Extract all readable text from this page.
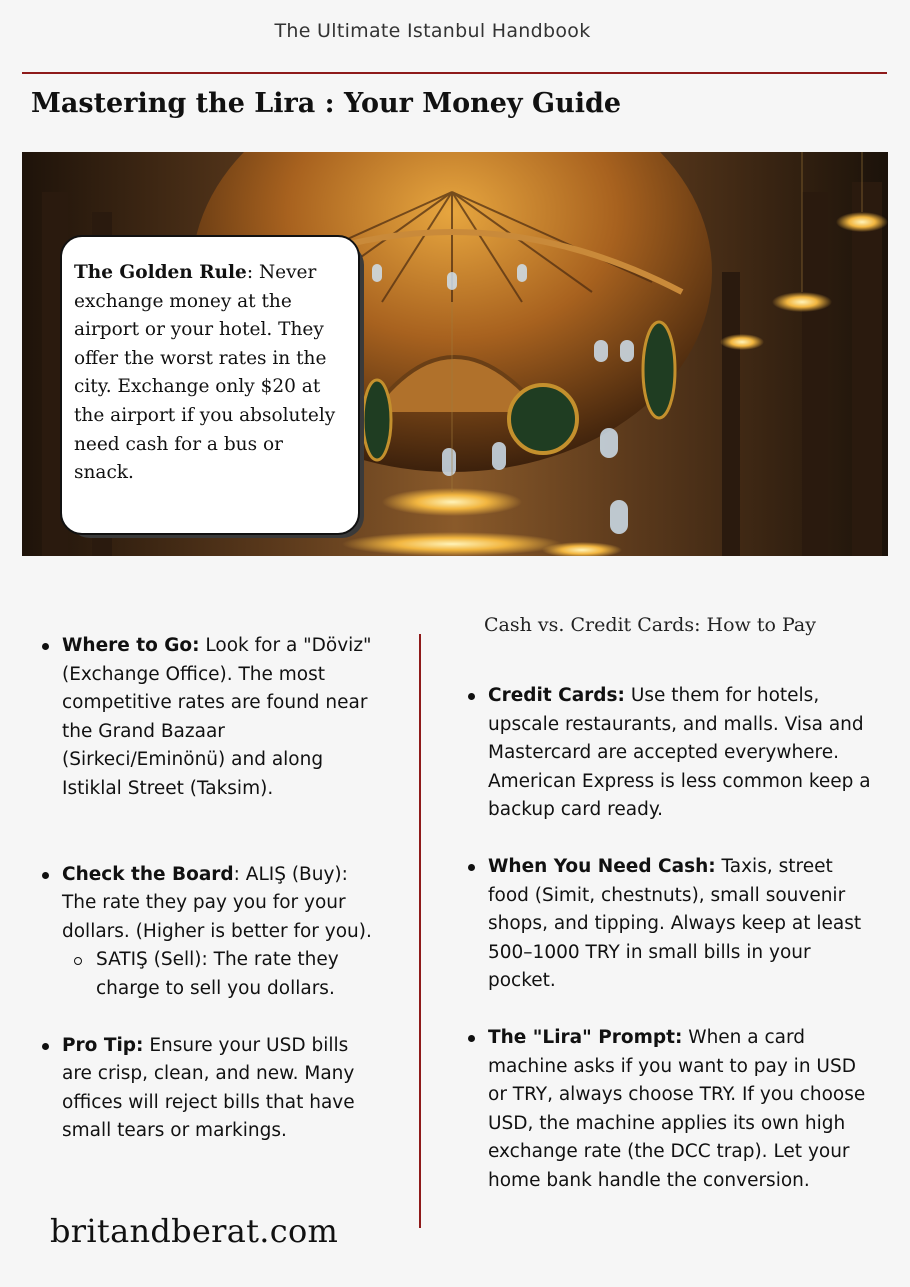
The Ultimate Istanbul Handbook
Mastering the Lira : Your Money Guide

The Golden Rule: Never exchange money at the airport or your hotel. They offer the worst rates in the city. Exchange only $20 at the airport if you absolutely need cash for a bus or snack.

Where to Go: Look for a "Döviz" (Exchange Office). The most competitive rates are found near the Grand Bazaar (Sirkeci/Eminönü) and along Istiklal Street (Taksim).
Check the Board: ALIŞ (Buy): The rate they pay you for your dollars. (Higher is better for you).
SATIŞ (Sell): The rate they charge to sell you dollars.
Pro Tip: Ensure your USD bills are crisp, clean, and new. Many offices will reject bills that have small tears or markings.
Cash vs. Credit Cards: How to Pay
Credit Cards: Use them for hotels, upscale restaurants, and malls. Visa and Mastercard are accepted everywhere. American Express is less common keep a backup card ready.
When You Need Cash: Taxis, street food (Simit, chestnuts), small souvenir shops, and tipping. Always keep at least 500–1000 TRY in small bills in your pocket.
The "Lira" Prompt: When a card machine asks if you want to pay in USD or TRY, always choose TRY. If you choose USD, the machine applies its own high exchange rate (the DCC trap). Let your home bank handle the conversion.
britandberat.com
